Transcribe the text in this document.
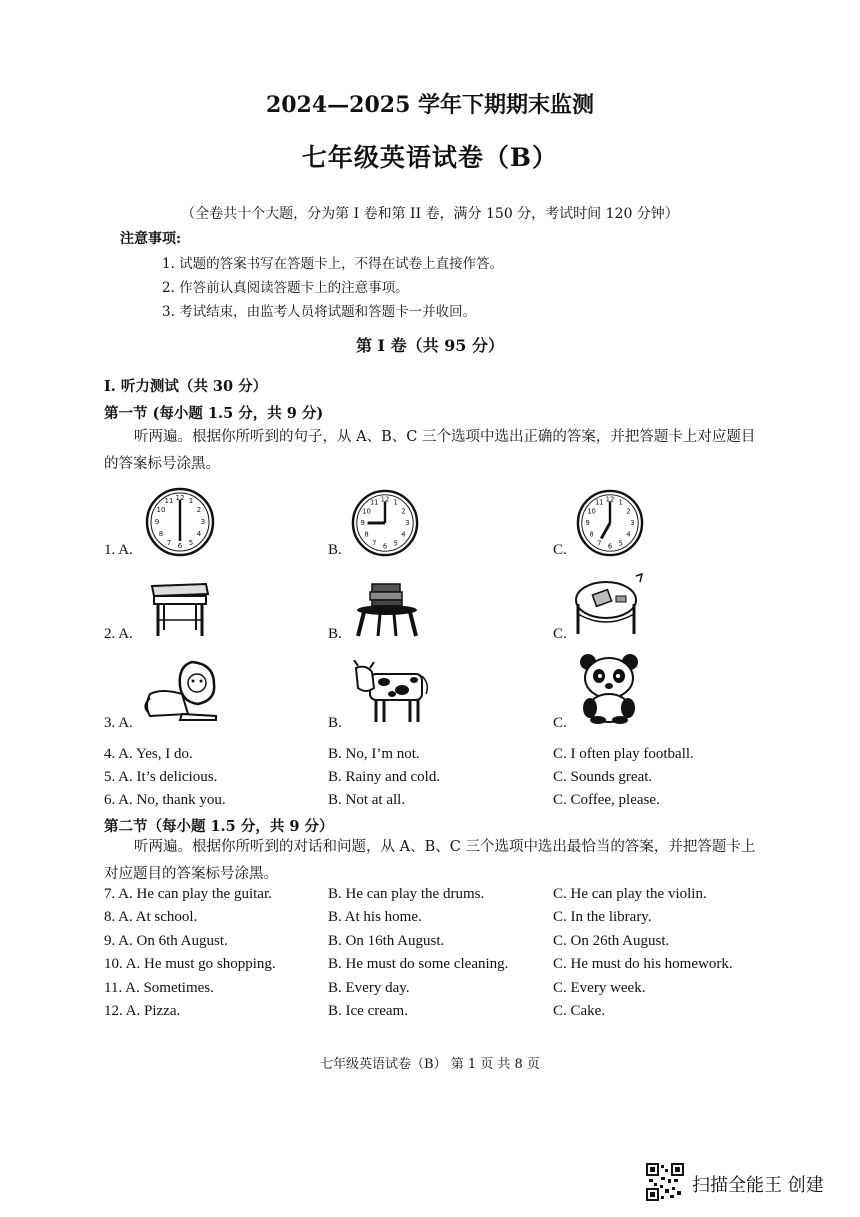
2024—2025 学年下期期末监测
七年级英语试卷（B）
（全卷共十个大题，分为第 I 卷和第 II 卷，满分 150 分，考试时间 120 分钟）
注意事项:
1. 试题的答案书写在答题卡上，不得在试卷上直接作答。
2. 作答前认真阅读答题卡上的注意事项。
3. 考试结束，由监考人员将试题和答题卡一并收回。
第 I 卷（共 95 分）
I. 听力测试（共 30 分）
第一节 (每小题 1.5 分，共 9 分)
听两遍。根据你所听到的句子，从 A、B、C 三个选项中选出正确的答案，并把答题卡上对应题目的答案标号涂黑。
1. A.	B.	C.
12 1
2
3
4
5
6
7
8
9
10
11	12 1
2
3
4
5
6
7
8
9
10
11	12 1
2
3
4
5
6
7
8
9
10
11
2. A.	B.	C.
3. A.	B.	C.
4. A. Yes, I do.	B. No, I’m not.	C. I often play football.
5. A. It’s delicious.	B. Rainy and cold.	C. Sounds great.
6. A. No, thank you.	B. Not at all.	C. Coffee, please.
第二节（每小题 1.5 分，共 9 分）
听两遍。根据你所听到的对话和问题，从 A、B、C 三个选项中选出最恰当的答案，并把答题卡上对应题目的答案标号涂黑。
7. A. He can play the guitar.	B. He can play the drums.	C. He can play the violin.
8. A. At school.	B. At his home.	C. In the library.
9. A. On 6th August.	B. On 16th August.	C. On 26th August.
10. A. He must go shopping.	B. He must do some cleaning.	C. He must do his homework.
11. A. Sometimes.	B. Every day.	C. Every week.
12. A. Pizza.	B. Ice cream.	C. Cake.
七年级英语试卷（B） 第 1 页 共 8 页
扫描全能王 创建
